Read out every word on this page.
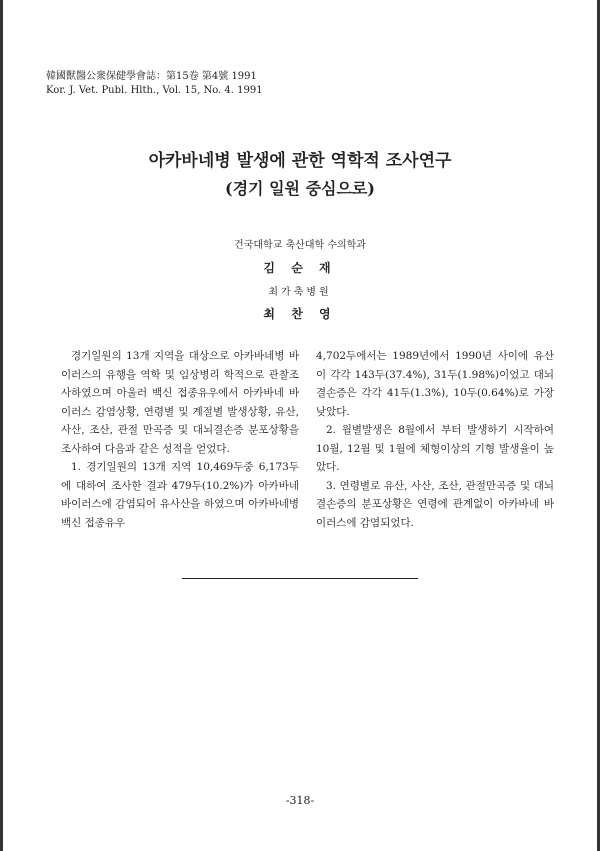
韓國獸醫公衆保健學會誌：第15卷 第4號 1991
Kor. J. Vet. Publ. Hlth., Vol. 15, No. 4. 1991
아카바네병 발생에 관한 역학적 조사연구
(경기 일원 중심으로)
건국대학교 축산대학 수의학과
김 순 재
최가축병원
최 찬 영

경기일원의 13개 지역을 대상으로 아카바네병 바이러스의 유행을 역학 및 임상병리 학적으로 관찰조사하였으며 아울러 백신 접종유우에서 아카바네 바이러스 감염상황, 연령별 및 계절별 발생상황, 유산, 사산, 조산, 관절 만곡증 및 대뇌결손증 분포상황을 조사하여 다음과 같은 성적을 얻었다.

1. 경기일원의 13개 지역 10,469두중 6,173두에 대하여 조사한 결과 479두(10.2%)가 아카바네 바이러스에 감염되어 유사산을 하였으며 아카바네병 백신 접종유우

4,702두에서는 1989년에서 1990년 사이에 유산이 각각 143두(37.4%), 31두(1.98%)이었고 대뇌결손증은 각각 41두(1.3%), 10두(0.64%)로 가장 낮았다.

2. 월별발생은 8월에서 부터 발생하기 시작하여 10월, 12월 및 1월에 체형이상의 기형 발생율이 높았다.

3. 연령별로 유산, 사산, 조산, 관절만곡증 및 대뇌결손증의 분포상황은 연령에 관계없이 아카바네 바이러스에 감염되었다.

-318-
